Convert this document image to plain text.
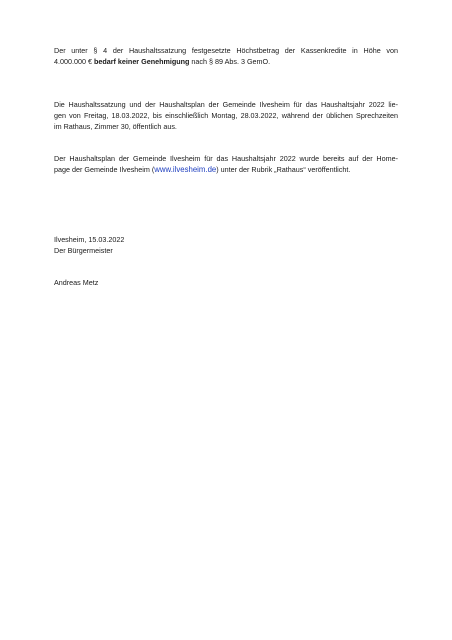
Der unter § 4 der Haushaltssatzung festgesetzte Höchstbetrag der Kassenkredite in Höhe von
4.000.000 € bedarf keiner Genehmigung nach § 89 Abs. 3 GemO.
Die Haushaltssatzung und der Haushaltsplan der Gemeinde Ilvesheim für das Haushaltsjahr 2022 lie-
gen von Freitag, 18.03.2022, bis einschließlich Montag, 28.03.2022, während der üblichen Sprechzeiten
im Rathaus, Zimmer 30, öffentlich aus.
Der Haushaltsplan der Gemeinde Ilvesheim für das Haushaltsjahr 2022 wurde bereits auf der Home-
page der Gemeinde Ilvesheim (www.ilvesheim.de) unter der Rubrik „Rathaus“ veröffentlicht.
Ilvesheim, 15.03.2022
Der Bürgermeister
Andreas Metz
